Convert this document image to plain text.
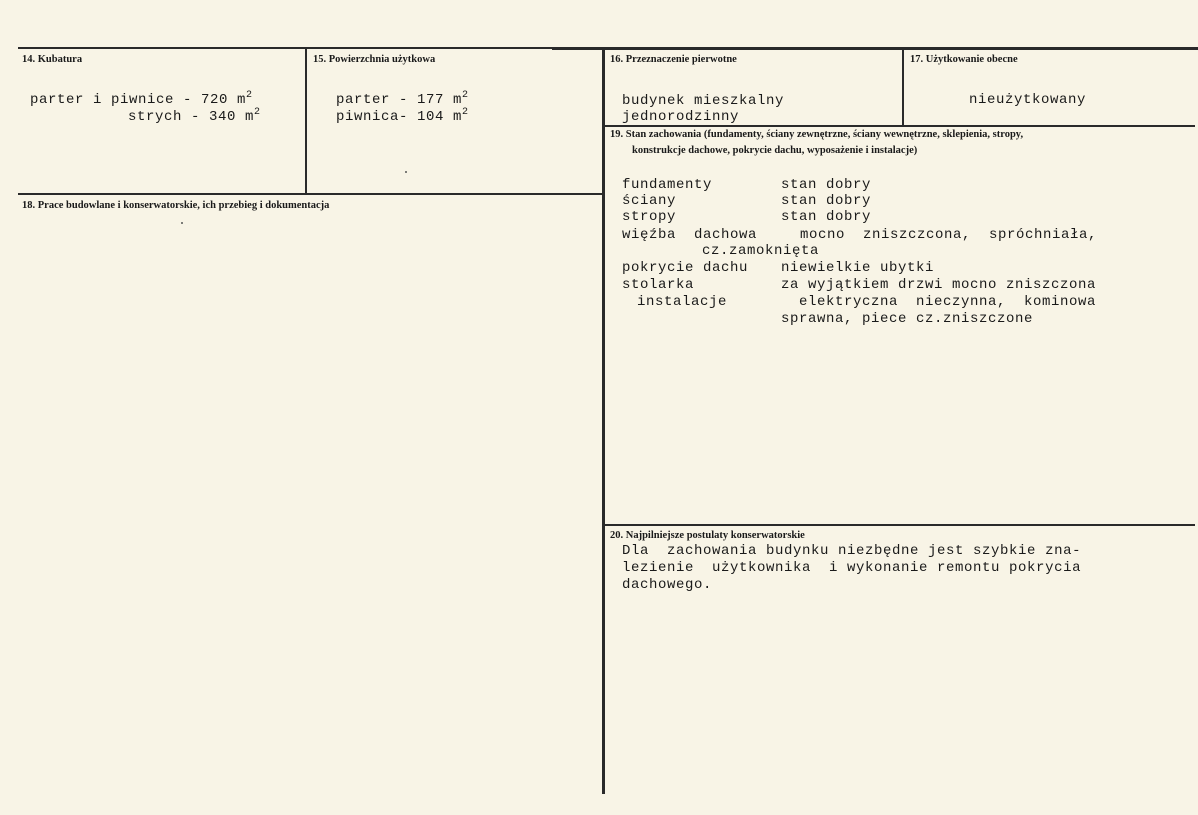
14. Kubatura
parter i piwnice - 720 $m^2$
strych - 340 $m^2$
15. Powierzchnia użytkowa
parter - 177 $m^2$
piwnica- 104 $m^2$
16. Przeznaczenie pierwotne
budynek mieszkalny
jednorodzinny
17. Użytkowanie obecne
nieużytkowany
18. Prace budowlane i konserwatorskie, ich przebieg i dokumentacja
19. Stan zachowania (fundamenty, ściany zewnętrzne, ściany wewnętrzne, sklepienia, stropy,
konstrukcje dachowe, pokrycie dachu, wyposażenie i instalacje)
fundamenty	stan dobry
ściany	stan dobry
stropy	stan dobry
więźba  dachowa	mocno  zniszczcona,  spróchniała,
cz.zamoknięta
pokrycie dachu niewielkie ubytki
stolarka	za wyjątkiem drzwi mocno zniszczona
instalacje	elektryczna  nieczynna,  kominowa
sprawna, piece cz.zniszczone
20. Najpilniejsze postulaty konserwatorskie
Dla  zachowania budynku niezbędne jest szybkie zna-
lezienie  użytkownika  i wykonanie remontu pokrycia
dachowego.
